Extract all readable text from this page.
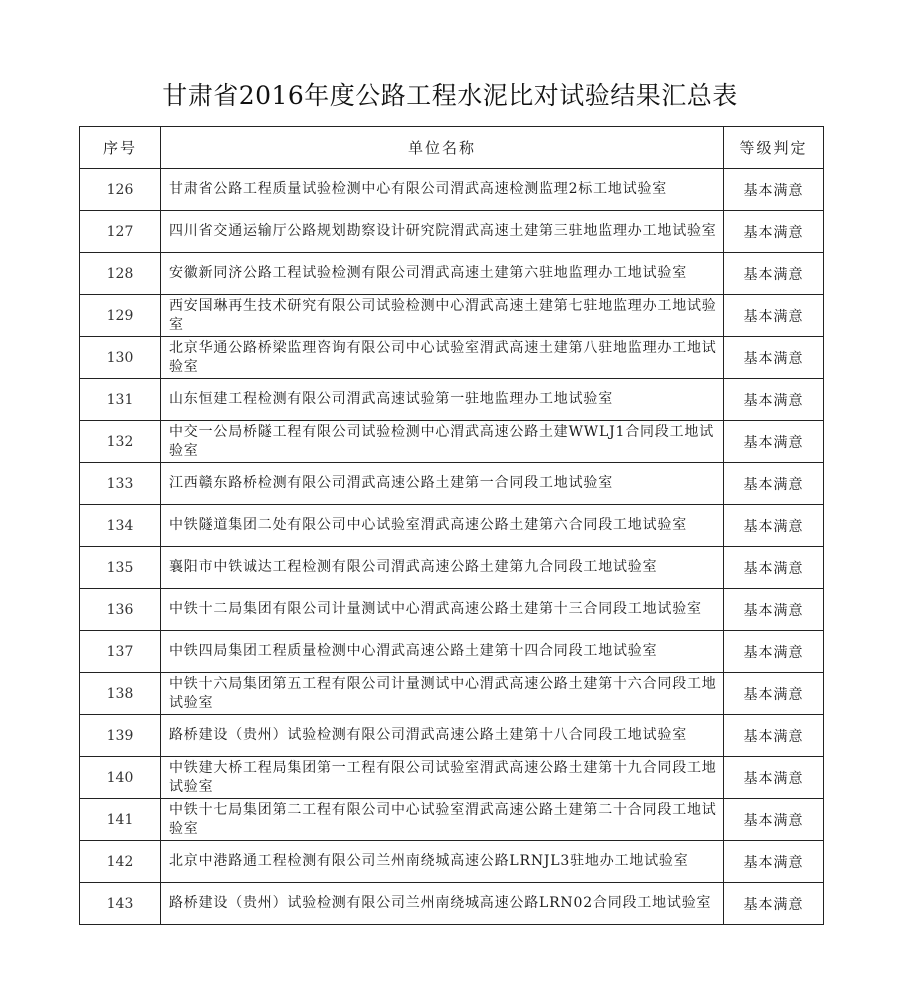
甘肃省2016年度公路工程水泥比对试验结果汇总表
序号	单位名称	等级判定
126	甘肃省公路工程质量试验检测中心有限公司渭武高速检测监理2标工地试验室	基本满意
127	四川省交通运输厅公路规划勘察设计研究院渭武高速土建第三驻地监理办工地试验室	基本满意
128	安徽新同济公路工程试验检测有限公司渭武高速土建第六驻地监理办工地试验室	基本满意
129	西安国琳再生技术研究有限公司试验检测中心渭武高速土建第七驻地监理办工地试验室	基本满意
130	北京华通公路桥梁监理咨询有限公司中心试验室渭武高速土建第八驻地监理办工地试验室	基本满意
131	山东恒建工程检测有限公司渭武高速试验第一驻地监理办工地试验室	基本满意
132	中交一公局桥隧工程有限公司试验检测中心渭武高速公路土建WWLJ1合同段工地试验室	基本满意
133	江西赣东路桥检测有限公司渭武高速公路土建第一合同段工地试验室	基本满意
134	中铁隧道集团二处有限公司中心试验室渭武高速公路土建第六合同段工地试验室	基本满意
135	襄阳市中铁诚达工程检测有限公司渭武高速公路土建第九合同段工地试验室	基本满意
136	中铁十二局集团有限公司计量测试中心渭武高速公路土建第十三合同段工地试验室	基本满意
137	中铁四局集团工程质量检测中心渭武高速公路土建第十四合同段工地试验室	基本满意
138	中铁十六局集团第五工程有限公司计量测试中心渭武高速公路土建第十六合同段工地试验室	基本满意
139	路桥建设（贵州）试验检测有限公司渭武高速公路土建第十八合同段工地试验室	基本满意
140	中铁建大桥工程局集团第一工程有限公司试验室渭武高速公路土建第十九合同段工地试验室	基本满意
141	中铁十七局集团第二工程有限公司中心试验室渭武高速公路土建第二十合同段工地试验室	基本满意
142	北京中港路通工程检测有限公司兰州南绕城高速公路LRNJL3驻地办工地试验室	基本满意
143	路桥建设（贵州）试验检测有限公司兰州南绕城高速公路LRN02合同段工地试验室	基本满意
